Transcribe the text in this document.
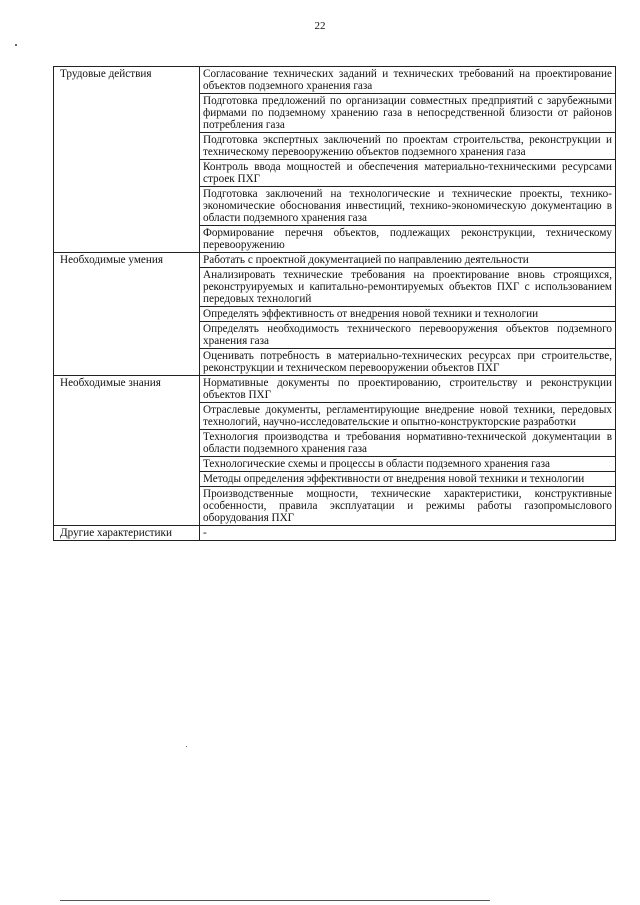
22
Трудовые действия	Согласование технических заданий и технических требований на проектирование объектов подземного хранения газа
	Подготовка предложений по организации совместных предприятий с зарубежными фирмами по подземному хранению газа в непосредственной близости от районов потребления газа
	Подготовка экспертных заключений по проектам строительства, реконструкции и техническому перевооружению объектов подземного хранения газа
	Контроль ввода мощностей и обеспечения материально-техническими ресурсами строек ПХГ
	Подготовка заключений на технологические и технические проекты, технико-экономические обоснования инвестиций, технико-экономическую документацию в области подземного хранения газа
	Формирование перечня объектов, подлежащих реконструкции, техническому перевооружению
Необходимые умения	Работать с проектной документацией по направлению деятельности
	Анализировать технические требования на проектирование вновь строящихся, реконструируемых и капитально-ремонтируемых объектов ПХГ с использованием передовых технологий
	Определять эффективность от внедрения новой техники и технологии
	Определять необходимость технического перевооружения объектов подземного хранения газа
	Оценивать потребность в материально-технических ресурсах при строительстве, реконструкции и техническом перевооружении объектов ПХГ
Необходимые знания	Нормативные документы по проектированию, строительству и реконструкции объектов ПХГ
	Отраслевые документы, регламентирующие внедрение новой техники, передовых технологий, научно-исследовательские и опытно-конструкторские разработки
	Технология производства и требования нормативно-технической документации в области подземного хранения газа
	Технологические схемы и процессы в области подземного хранения газа
	Методы определения эффективности от внедрения новой техники и технологии
	Производственные мощности, технические характеристики, конструктивные особенности, правила эксплуатации и режимы работы газопромыслового оборудования ПХГ
Другие характеристики	-
